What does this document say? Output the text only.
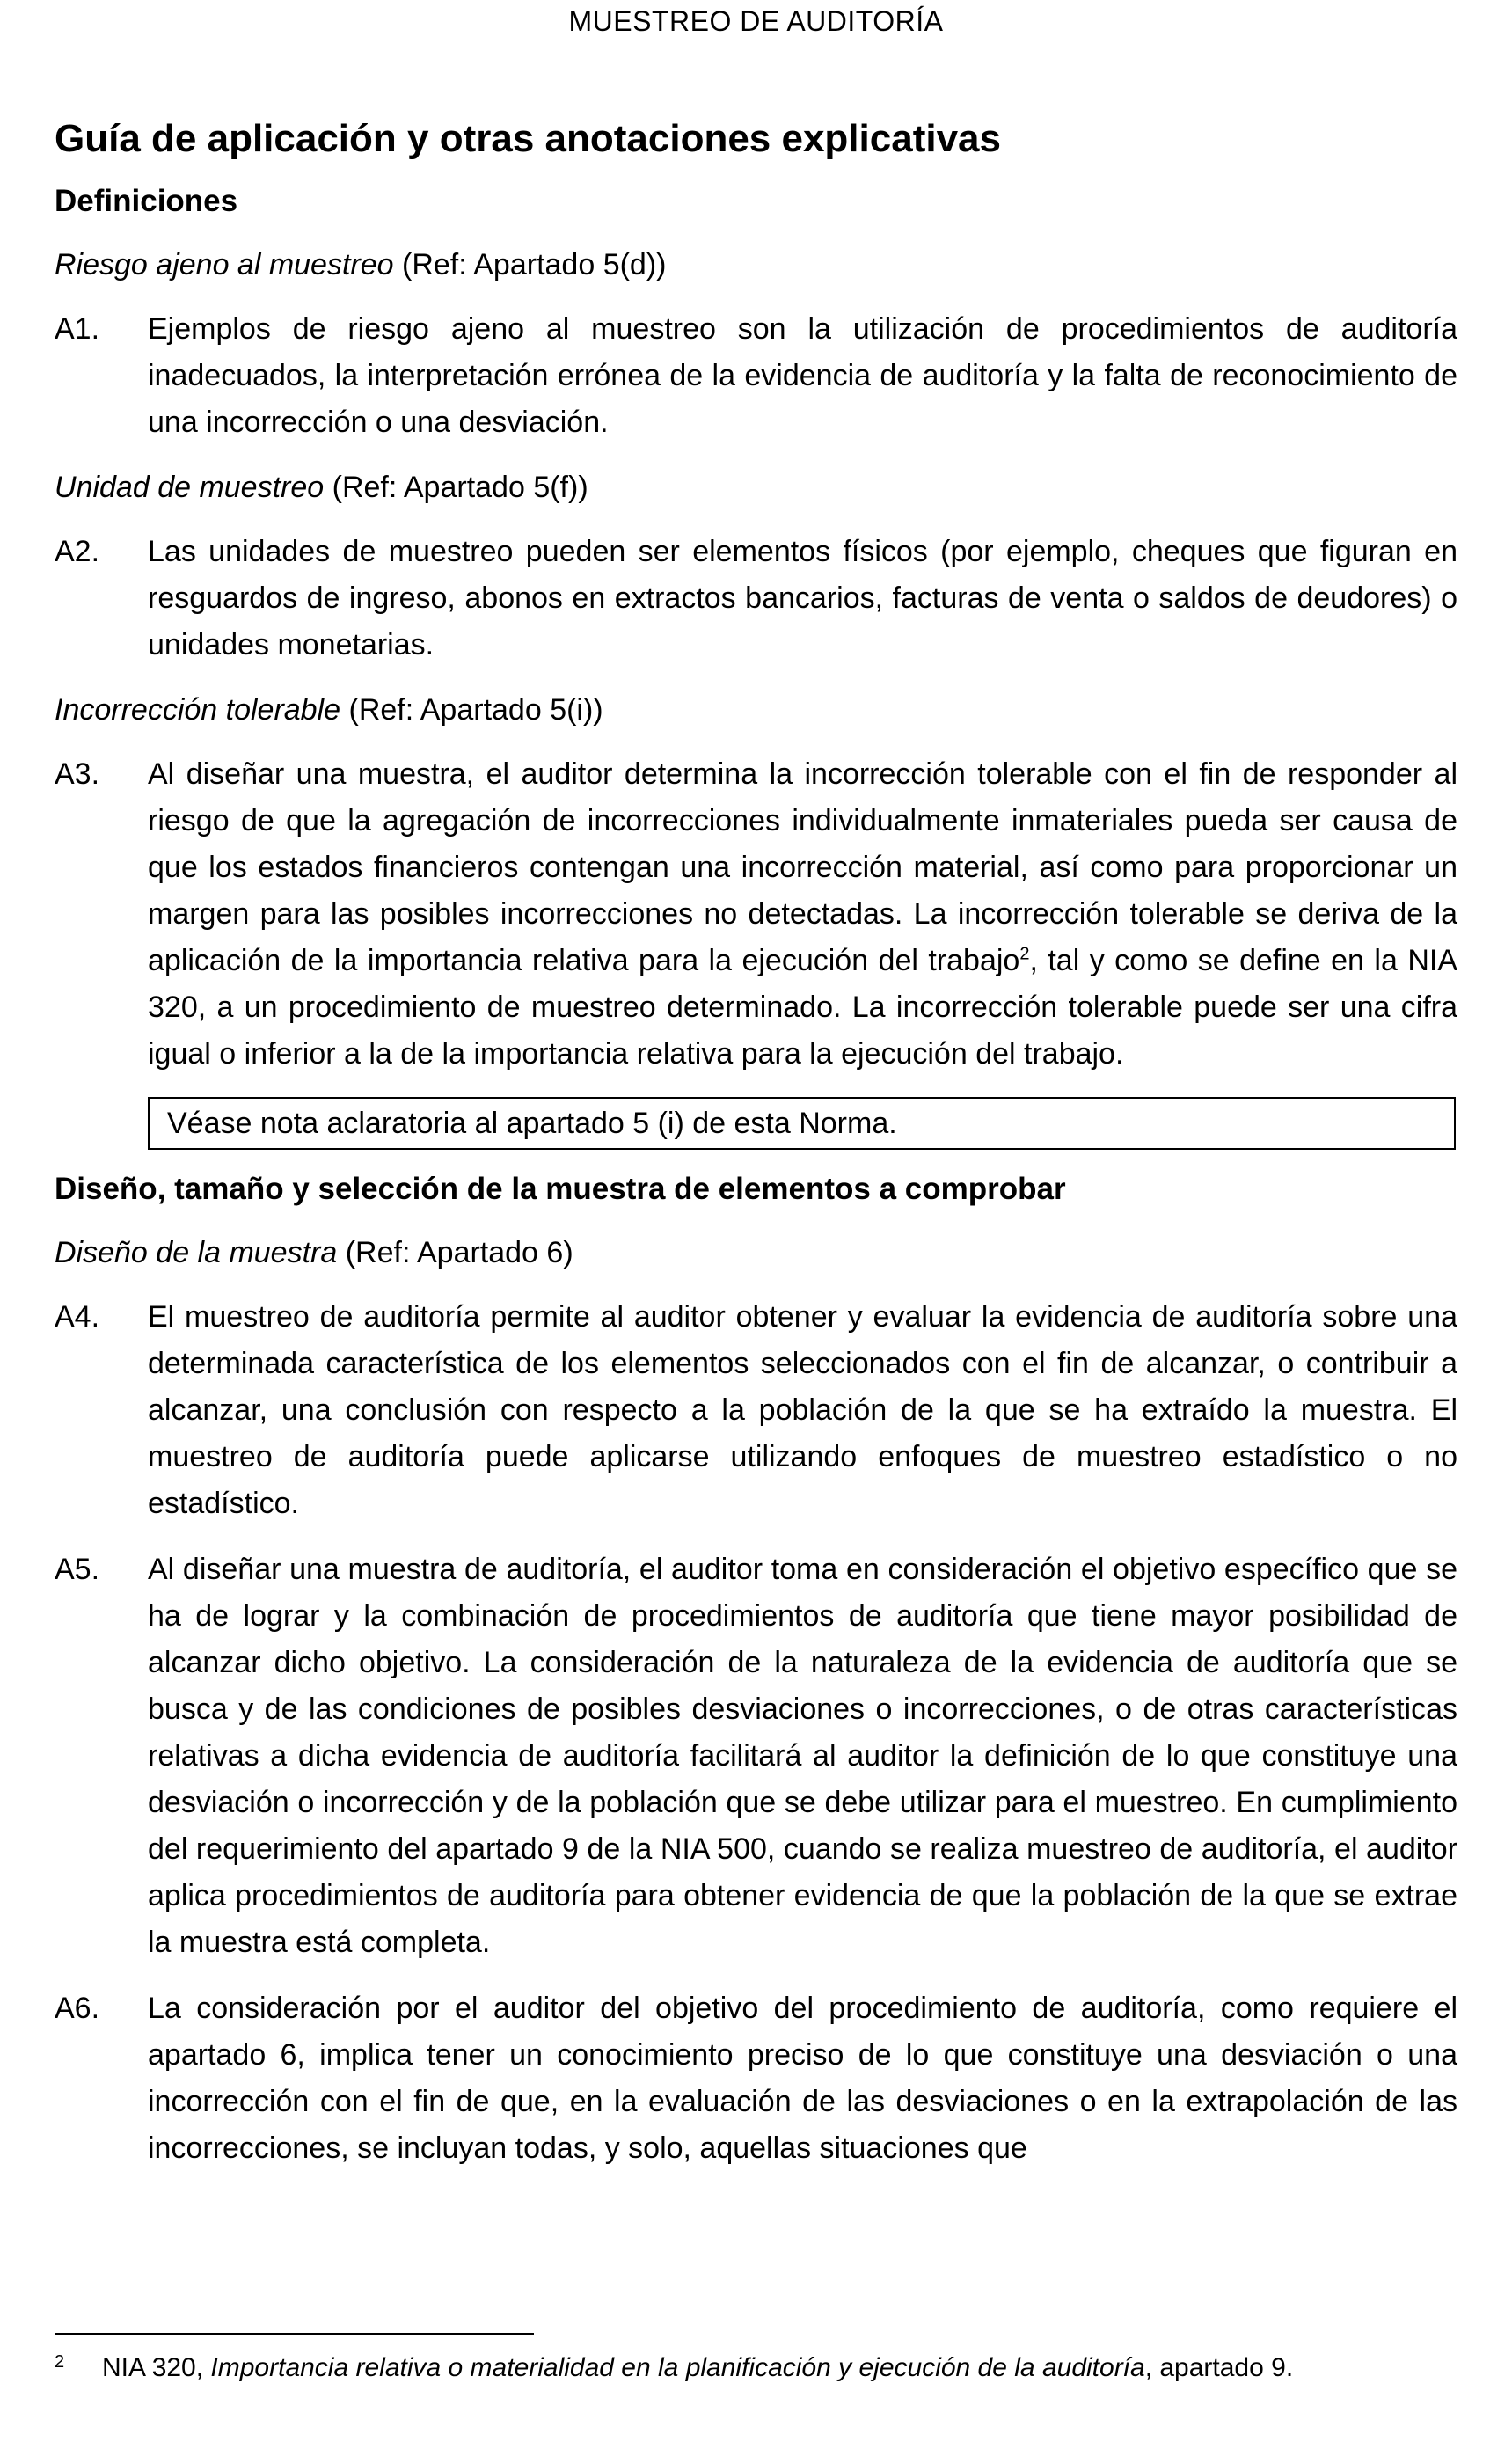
MUESTREO DE AUDITORÍA
Guía de aplicación y otras anotaciones explicativas
Definiciones
Riesgo ajeno al muestreo (Ref: Apartado 5(d))
A1.	Ejemplos de riesgo ajeno al muestreo son la utilización de procedimientos de auditoría inadecuados, la interpretación errónea de la evidencia de auditoría y la falta de reconocimiento de una incorrección o una desviación.
Unidad de muestreo (Ref: Apartado 5(f))
A2.	Las unidades de muestreo pueden ser elementos físicos (por ejemplo, cheques que figuran en resguardos de ingreso, abonos en extractos bancarios, facturas de venta o saldos de deudores) o unidades monetarias.
Incorrección tolerable (Ref: Apartado 5(i))
A3.	Al diseñar una muestra, el auditor determina la incorrección tolerable con el fin de responder al riesgo de que la agregación de incorrecciones individualmente inmateriales pueda ser causa de que los estados financieros contengan una incorrección material, así como para proporcionar un margen para las posibles incorrecciones no detectadas. La incorrección tolerable se deriva de la aplicación de la importancia relativa para la ejecución del trabajo$^2$, tal y como se define en la NIA 320, a un procedimiento de muestreo determinado. La incorrección tolerable puede ser una cifra igual o inferior a la de la importancia relativa para la ejecución del trabajo.
Véase nota aclaratoria al apartado 5 (i) de esta Norma.
Diseño, tamaño y selección de la muestra de elementos a comprobar
Diseño de la muestra (Ref: Apartado 6)
A4.	El muestreo de auditoría permite al auditor obtener y evaluar la evidencia de auditoría sobre una determinada característica de los elementos seleccionados con el fin de alcanzar, o contribuir a alcanzar, una conclusión con respecto a la población de la que se ha extraído la muestra. El muestreo de auditoría puede aplicarse utilizando enfoques de muestreo estadístico o no estadístico.
A5.	Al diseñar una muestra de auditoría, el auditor toma en consideración el objetivo específico que se ha de lograr y la combinación de procedimientos de auditoría que tiene mayor posibilidad de alcanzar dicho objetivo. La consideración de la naturaleza de la evidencia de auditoría que se busca y de las condiciones de posibles desviaciones o incorrecciones, o de otras características relativas a dicha evidencia de auditoría facilitará al auditor la definición de lo que constituye una desviación o incorrección y de la población que se debe utilizar para el muestreo. En cumplimiento del requerimiento del apartado 9 de la NIA 500, cuando se realiza muestreo de auditoría, el auditor aplica procedimientos de auditoría para obtener evidencia de que la población de la que se extrae la muestra está completa.
A6.	La consideración por el auditor del objetivo del procedimiento de auditoría, como requiere el apartado 6, implica tener un conocimiento preciso de lo que constituye una desviación o una incorrección con el fin de que, en la evaluación de las desviaciones o en la extrapolación de las incorrecciones, se incluyan todas, y solo, aquellas situaciones que
2	NIA 320, Importancia relativa o materialidad en la planificación y ejecución de la auditoría, apartado 9.
